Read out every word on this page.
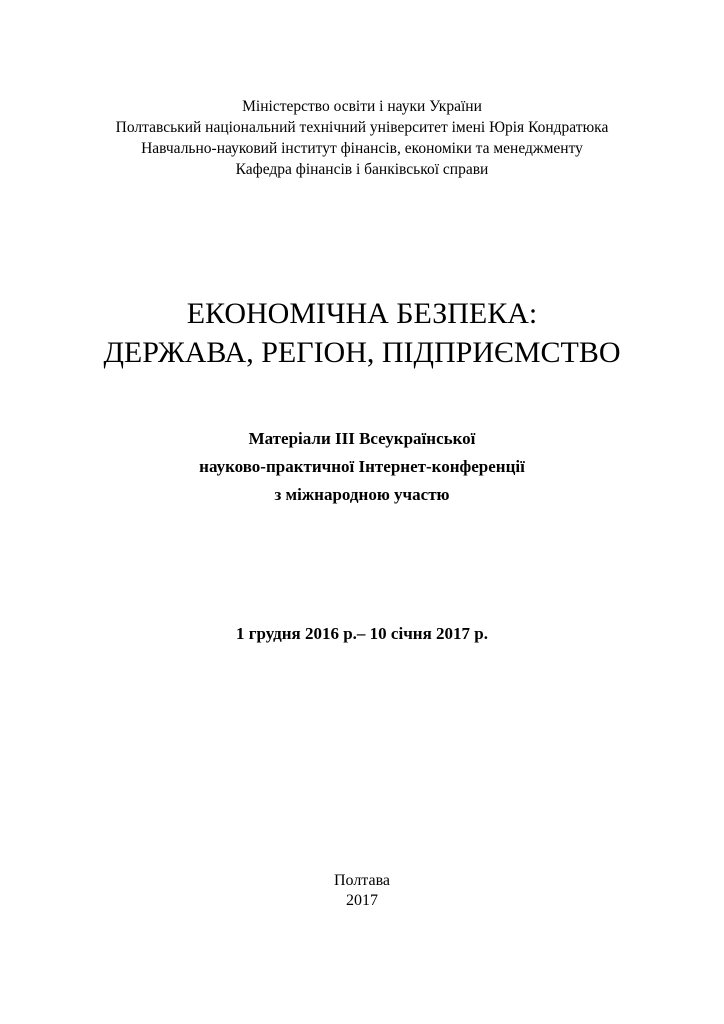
Міністерство освіти і науки України
Полтавський національний технічний університет імені Юрія Кондратюка
Навчально-науковий інститут фінансів, економіки та менеджменту
Кафедра фінансів і банківської справи
ЕКОНОМІЧНА БЕЗПЕКА:
ДЕРЖАВА, РЕГІОН, ПІДПРИЄМСТВО
Матеріали ІІІ Всеукраїнської
науково-практичної Інтернет-конференції
з міжнародною участю
1 грудня 2016 р.– 10 січня 2017 р.
Полтава
2017
